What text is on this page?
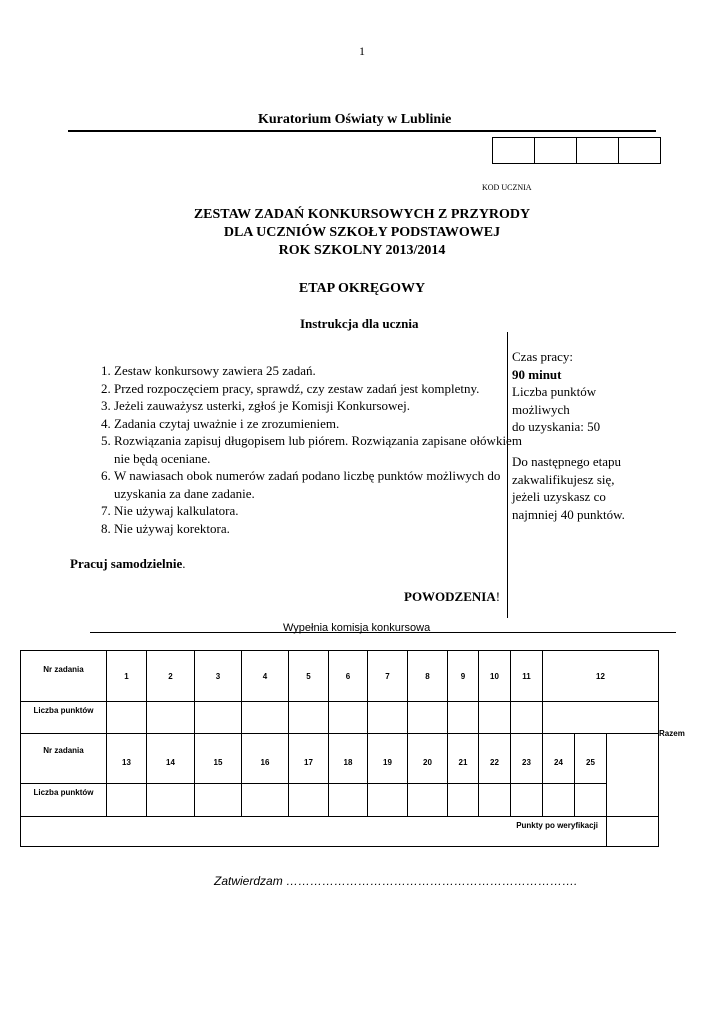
1
Kuratorium Oświaty w Lublinie
KOD UCZNIA
ZESTAW ZADAŃ KONKURSOWYCH Z PRZYRODY
DLA UCZNIÓW SZKOŁY PODSTAWOWEJ
ROK SZKOLNY 2013/2014
ETAP OKRĘGOWY
Instrukcja dla ucznia
1. Zestaw konkursowy zawiera 25 zadań.
2. Przed rozpoczęciem pracy, sprawdź, czy zestaw zadań jest kompletny.
3. Jeżeli zauważysz usterki, zgłoś je Komisji Konkursowej.
4. Zadania czytaj uważnie i ze zrozumieniem.
5. Rozwiązania zapisuj długopisem lub piórem. Rozwiązania zapisane ołówkiem nie będą oceniane.
6. W nawiasach obok numerów zadań podano liczbę punktów możliwych do uzyskania za dane zadanie.
7. Nie używaj kalkulatora.
8. Nie używaj korektora.
Pracuj samodzielnie.

Czas pracy:

90 minut

Liczba punktów

możliwych

do uzyskania: 50

Do następnego etapu

zakwalifikujesz się,

jeżeli uzyskasz co

najmniej 40 punktów.

POWODZENIA!
Wypełnia komisja konkursowa
Nr zadania	1	2	3	4	5	6	7	8	9	10	11	12			Razem
Liczba punktów															
Nr zadania	13	14	15	16	17	18	19	20	21	22	23	24	25		
Liczba punktów															
Punkty po weryfikacji															
Zatwierdzam ……………………………………………………………….
